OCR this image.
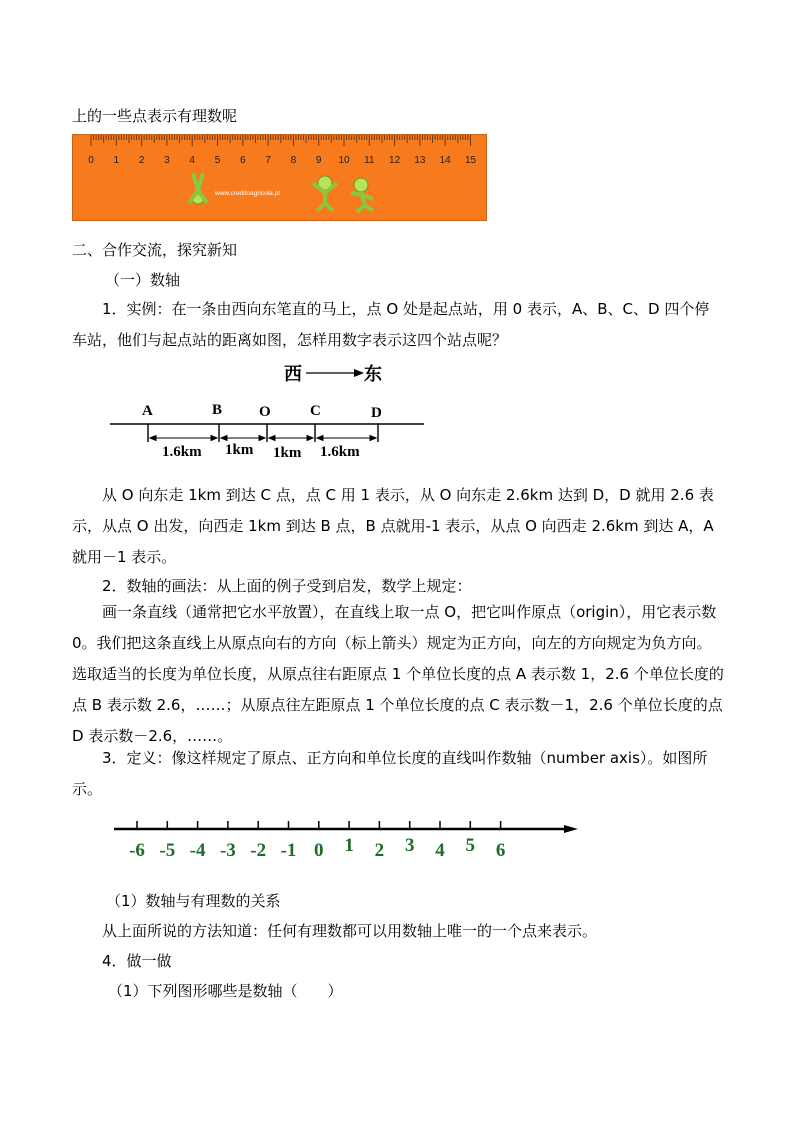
上的一些点表示有理数呢
0 1 2 3 4 5 6 7 8 9 10 11 12 13 14 15
www.creditoagricola.pt
二、合作交流，探究新知
（一）数轴
1．实例：在一条由西向东笔直的马上，点 O 处是起点站，用 0 表示，A、B、C、D 四个停车站，他们与起点站的距离如图，怎样用数字表示这四个站点呢？
西	东
A	B O	C	D
1.6km 1km 1km 1.6km
从 O 向东走 1km 到达 C 点，点 C 用 1 表示，从 O 向东走 2.6km 达到 D，D 就用 2.6 表示，从点 O 出发，向西走 1km 到达 B 点，B 点就用-1 表示，从点 O 向西走 2.6km 到达 A，A 就用－1 表示。
2．数轴的画法：从上面的例子受到启发，数学上规定：
画一条直线（通常把它水平放置），在直线上取一点 O，把它叫作原点（origin），用它表示数 0。我们把这条直线上从原点向右的方向（标上箭头）规定为正方向，向左的方向规定为负方向。选取适当的长度为单位长度，从原点往右距原点 1 个单位长度的点 A 表示数 1，2.6 个单位长度的点 B 表示数 2.6，……；从原点往左距原点 1 个单位长度的点 C 表示数－1，2.6 个单位长度的点 D 表示数－2.6，……。
3．定义：像这样规定了原点、正方向和单位长度的直线叫作数轴（number axis）。如图所示。
-6 -5 -4 -3 -2 -1 0 1 2 3 4 5 6
（1）数轴与有理数的关系
从上面所说的方法知道：任何有理数都可以用数轴上唯一的一个点来表示。
4．做一做
（1）下列图形哪些是数轴（　　）
